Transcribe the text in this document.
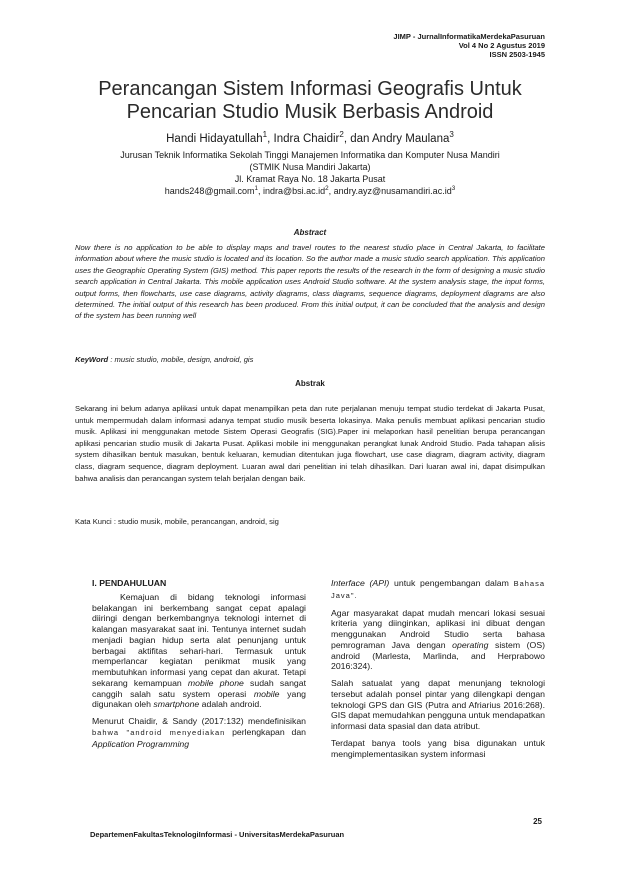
JIMP - JurnalInformatikaMerdekaPasuruan
Vol 4 No 2 Agustus 2019
ISSN 2503-1945
Perancangan Sistem Informasi Geografis Untuk
Pencarian Studio Musik Berbasis Android
Handi Hidayatullah$^1$, Indra Chaidir$^2$, dan Andry Maulana$^3$
Jurusan Teknik Informatika Sekolah Tinggi Manajemen Informatika dan Komputer Nusa Mandiri
(STMIK Nusa Mandiri Jakarta)
Jl. Kramat Raya No. 18 Jakarta Pusat
hands248@gmail.com$^1$, $indra@bsi.ac.id^2$, $andry.ayz@nusamandiri.ac.id^3$
Abstract
Now there is no application to be able to display maps and travel routes to the nearest studio place in Central Jakarta, to facilitate information about where the music studio is located and its location. So the author made a music studio search application. This application uses the Geographic Operating System (GIS) method. This paper reports the results of the research in the form of designing a music studio search application in Central Jakarta. This mobile application uses Android Studio software. At the system analysis stage, the input forms, output forms, then flowcharts, use case diagrams, activity diagrams, class diagrams, sequence diagrams, deployment diagrams are also determined. The initial output of this research has been produced. From this initial output, it can be concluded that the analysis and design of the system has been running well
KeyWord : music studio, mobile, design, android, gis
Abstrak
Sekarang ini belum adanya aplikasi untuk dapat menampilkan peta dan rute perjalanan menuju tempat studio terdekat di Jakarta Pusat, untuk mempermudah dalam informasi adanya tempat studio musik beserta lokasinya. Maka penulis membuat aplikasi pencarian studio musik. Aplikasi ini menggunakan metode Sistem Operasi Geografis (SIG).Paper ini melaporkan hasil penelitian berupa perancangan aplikasi pencarian studio musik di Jakarta Pusat. Aplikasi mobile ini menggunakan perangkat lunak Android Studio. Pada tahapan alisis system dihasilkan bentuk masukan, bentuk keluaran, kemudian ditentukan juga flowchart, use case diagram, diagram activity, diagram class, diagram sequence, diagram deployment. Luaran awal dari penelitian ini telah dihasilkan. Dari luaran awal ini, dapat disimpulkan bahwa analisis dan perancangan system telah berjalan dengan baik.
Kata Kunci : studio musik, mobile, perancangan, android, sig

I. PENDAHULUAN

Kemajuan di bidang teknologi informasi belakangan ini berkembang sangat cepat apalagi diiringi dengan berkembangnya teknologi internet di kalangan masyarakat saat ini. Tentunya internet sudah menjadi bagian hidup serta alat penunjang untuk berbagai aktifitas sehari-hari. Termasuk untuk memperlancar kegiatan penikmat musik yang membutuhkan informasi yang cepat dan akurat. Tetapi sekarang kemampuan mobile phone sudah sangat canggih salah satu system operasi mobile yang digunakan oleh smartphone adalah android.

Menurut Chaidir, & Sandy (2017:132) mendefinisikan bahwa "android menyediakan perlengkapan dan Application Programming

Interface (API) untuk pengembangan dalam Bahasa Java".

Agar masyarakat dapat mudah mencari lokasi sesuai kriteria yang diinginkan, aplikasi ini dibuat dengan menggunakan Android Studio serta bahasa pemrograman Java dengan operating sistem (OS) android (Marlesta, Marlinda, and Herprabowo 2016:324).

Salah satualat yang dapat menunjang teknologi tersebut adalah ponsel pintar yang dilengkapi dengan teknologi GPS dan GIS (Putra and Afriarius 2016:268). GIS dapat memudahkan pengguna untuk mendapatkan informasi data spasial dan data atribut.

Terdapat banya tools yang bisa digunakan untuk mengimplementasikan system informasi

25
DepartemenFakultasTeknologiInformasi - UniversitasMerdekaPasuruan
